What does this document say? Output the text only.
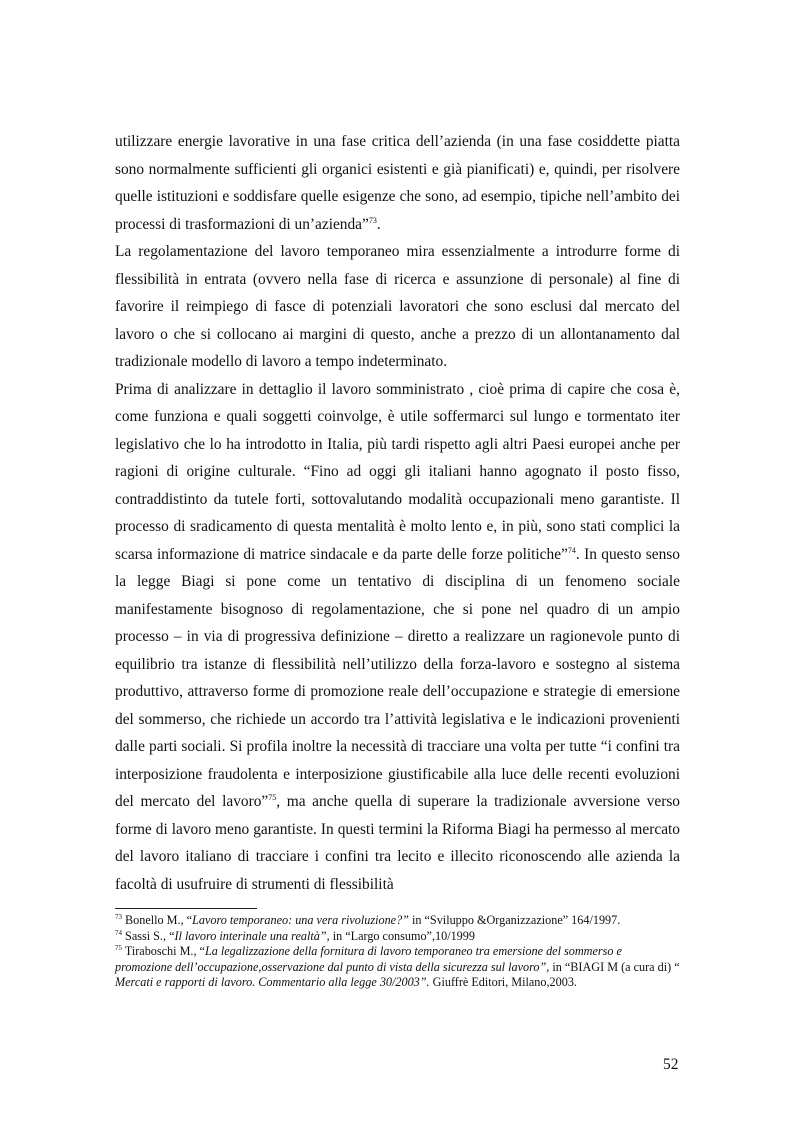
utilizzare energie lavorative in una fase critica dell’azienda (in una fase cosiddette piatta sono normalmente sufficienti gli organici esistenti e già pianificati) e, quindi, per risolvere quelle istituzioni e soddisfare quelle esigenze che sono, ad esempio, tipiche nell’ambito dei processi di trasformazioni di un’azienda”$^{73}$.

La regolamentazione del lavoro temporaneo mira essenzialmente a introdurre forme di flessibilità in entrata (ovvero nella fase di ricerca e assunzione di personale) al fine di favorire il reimpiego di fasce di potenziali lavoratori che sono esclusi dal mercato del lavoro o che si collocano ai margini di questo, anche a prezzo di un allontanamento dal tradizionale modello di lavoro a tempo indeterminato.

Prima di analizzare in dettaglio il lavoro somministrato , cioè prima di capire che cosa è, come funziona e quali soggetti coinvolge, è utile soffermarci sul lungo e tormentato iter legislativo che lo ha introdotto in Italia, più tardi rispetto agli altri Paesi europei anche per ragioni di origine culturale. “Fino ad oggi gli italiani hanno agognato il posto fisso, contraddistinto da tutele forti, sottovalutando modalità occupazionali meno garantiste. Il processo di sradicamento di questa mentalità è molto lento e, in più, sono stati complici la scarsa informazione di matrice sindacale e da parte delle forze politiche”$^{74}$. In questo senso la legge Biagi si pone come un tentativo di disciplina di un fenomeno sociale manifestamente bisognoso di regolamentazione, che si pone nel quadro di un ampio processo – in via di progressiva definizione – diretto a realizzare un ragionevole punto di equilibrio tra istanze di flessibilità nell’utilizzo della forza-lavoro e sostegno al sistema produttivo, attraverso forme di promozione reale dell’occupazione e strategie di emersione del sommerso, che richiede un accordo tra l’attività legislativa e le indicazioni provenienti dalle parti sociali. Si profila inoltre la necessità di tracciare una volta per tutte “i confini tra interposizione fraudolenta e interposizione giustificabile alla luce delle recenti evoluzioni del mercato del lavoro”$^{75}$, ma anche quella di superare la tradizionale avversione verso forme di lavoro meno garantiste. In questi termini la Riforma Biagi ha permesso al mercato del lavoro italiano di tracciare i confini tra lecito e illecito riconoscendo alle azienda la facoltà di usufruire di strumenti di flessibilità

$^{73}$ Bonello M., “Lavoro temporaneo: una vera rivoluzione?” in “Sviluppo &Organizzazione” 164/1997.

$^{74}$ Sassi S., “Il lavoro interinale una realtà”, in “Largo consumo”,10/1999

$^{75}$ Tiraboschi M., “La legalizzazione della fornitura di lavoro temporaneo tra emersione del sommerso e promozione dell’occupazione,osservazione dal punto di vista della sicurezza sul lavoro”, in “BIAGI M (a cura di) “ Mercati e rapporti di lavoro. Commentario alla legge 30/2003”. Giuffrè Editori, Milano,2003.

52
